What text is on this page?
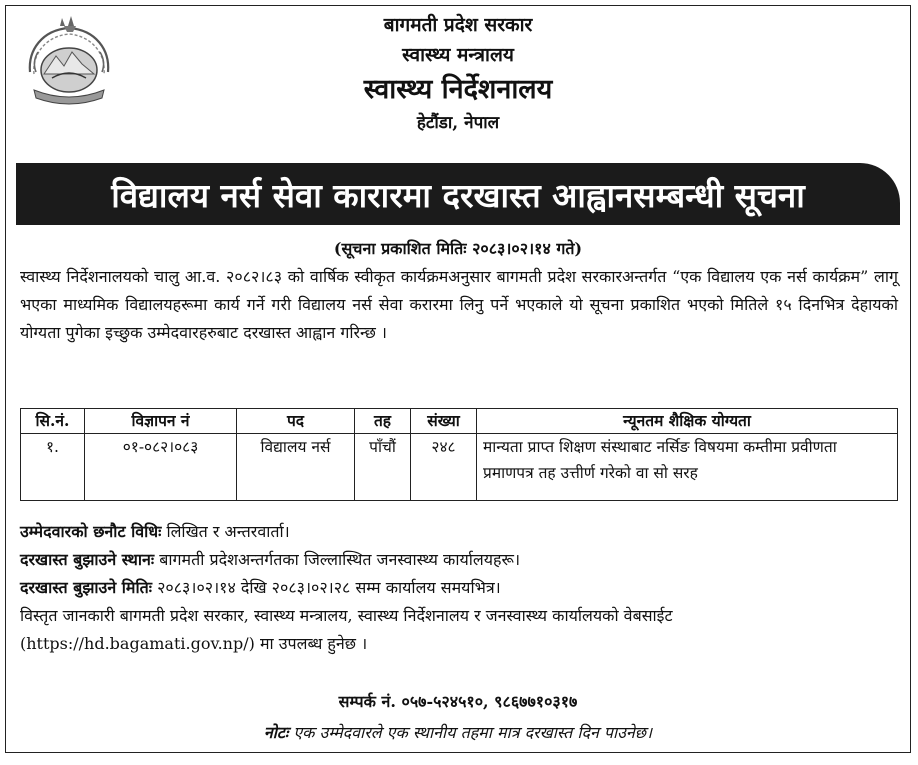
बागमती प्रदेश सरकार
स्वास्थ्य मन्त्रालय
स्वास्थ्य निर्देशनालय
हेटौंडा, नेपाल
विद्यालय नर्स सेवा कारारमा दरखास्त आह्वानसम्बन्धी सूचना
(सूचना प्रकाशित मितिः २०८३।०२।१४ गते)
स्वास्थ्य निर्देशनालयको चालु आ.व. २०८२।८३ को वार्षिक स्वीकृत कार्यक्रमअनुसार बागमती प्रदेश सरकारअन्तर्गत “एक विद्यालय एक नर्स कार्यक्रम” लागू भएका माध्यमिक विद्यालयहरूमा कार्य गर्ने गरी विद्यालय नर्स सेवा करारमा लिनु पर्ने भएकाले यो सूचना प्रकाशित भएको मितिले १५ दिनभित्र देहायको योग्यता पुगेका इच्छुक उम्मेदवारहरुबाट दरखास्त आह्वान गरिन्छ ।
सि.नं.	विज्ञापन नं	पद	तह	संख्या	न्यूनतम शैक्षिक योग्यता
१.	०१-०८२।०८३	विद्यालय नर्स	पाँचौं	२४८	मान्यता प्राप्त शिक्षण संस्थाबाट नर्सिङ विषयमा कम्तीमा प्रवीणता प्रमाणपत्र तह उत्तीर्ण गरेको वा सो सरह

उम्मेदवारको छनौट विधिः लिखित र अन्तरवार्ता।
दरखास्त बुझाउने स्थानः बागमती प्रदेशअन्तर्गतका जिल्लास्थित जनस्वास्थ्य कार्यालयहरू।
दरखास्त बुझाउने मितिः २०८३।०२।१४ देखि २०८३।०२।२८ सम्म कार्यालय समयभित्र।
विस्तृत जानकारी बागमती प्रदेश सरकार, स्वास्थ्य मन्त्रालय, स्वास्थ्य निर्देशनालय र जनस्वास्थ्य कार्यालयको वेबसाईट (https://hd.bagamati.gov.np/) मा उपलब्ध हुनेछ ।
सम्पर्क नं. ०५७-५२४५१०, ९८६७७१०३१७
नोटः एक उम्मेदवारले एक स्थानीय तहमा मात्र दरखास्त दिन पाउनेछ।
